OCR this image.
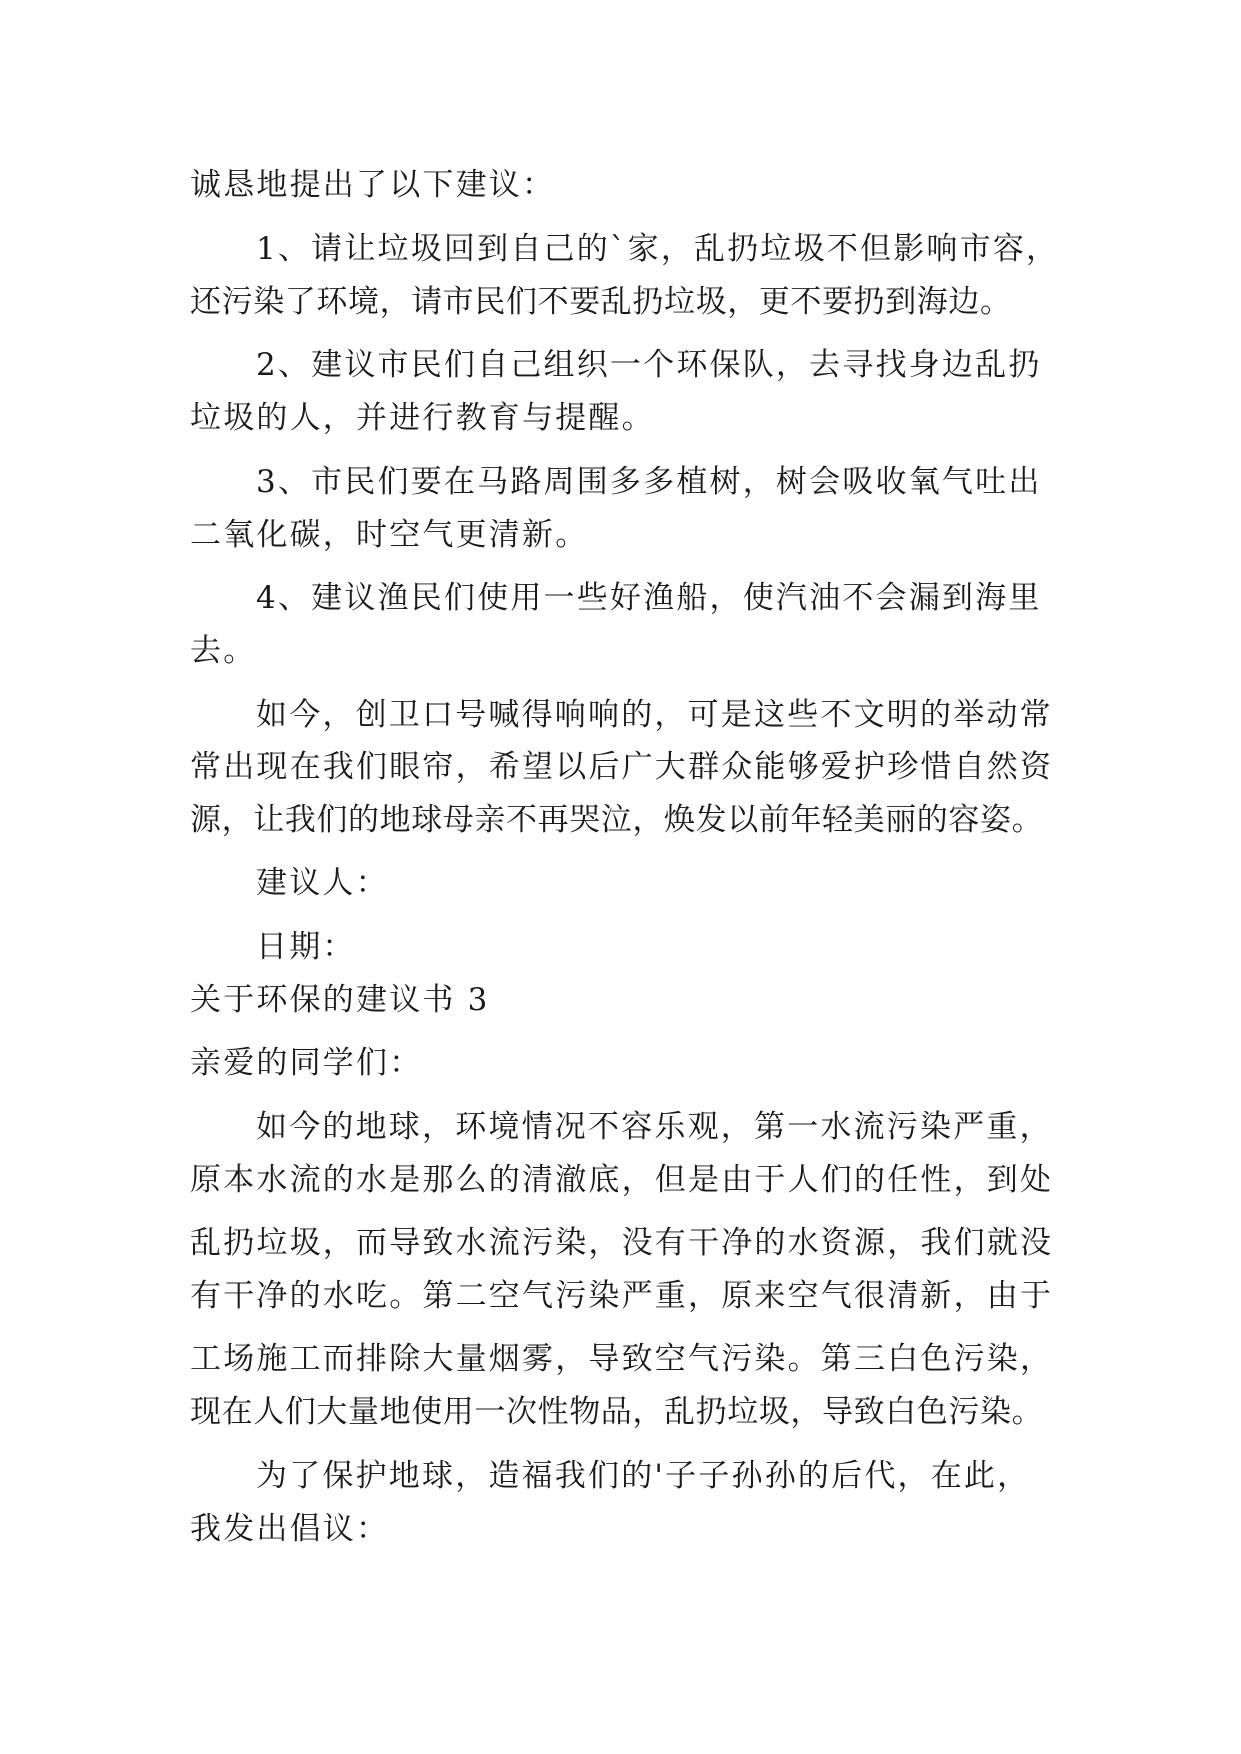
诚恳地提出了以下建议：

1、请让垃圾回到自己的`家，乱扔垃圾不但影响市容，

还污染了环境，请市民们不要乱扔垃圾，更不要扔到海边。

2、建议市民们自己组织一个环保队，去寻找身边乱扔

垃圾的人，并进行教育与提醒。

3、市民们要在马路周围多多植树，树会吸收氧气吐出

二氧化碳，时空气更清新。

4、建议渔民们使用一些好渔船，使汽油不会漏到海里

去。

如今，创卫口号喊得响响的，可是这些不文明的举动常

常出现在我们眼帘，希望以后广大群众能够爱护珍惜自然资

源，让我们的地球母亲不再哭泣，焕发以前年轻美丽的容姿。

建议人：

日期：

关于环保的建议书 3

亲爱的同学们：

如今的地球，环境情况不容乐观，第一水流污染严重，

原本水流的水是那么的清澈底，但是由于人们的任性，到处

乱扔垃圾，而导致水流污染，没有干净的水资源，我们就没

有干净的水吃。第二空气污染严重，原来空气很清新，由于

工场施工而排除大量烟雾，导致空气污染。第三白色污染，

现在人们大量地使用一次性物品，乱扔垃圾，导致白色污染。

为了保护地球，造福我们的'子子孙孙的后代，在此，

我发出倡议：
